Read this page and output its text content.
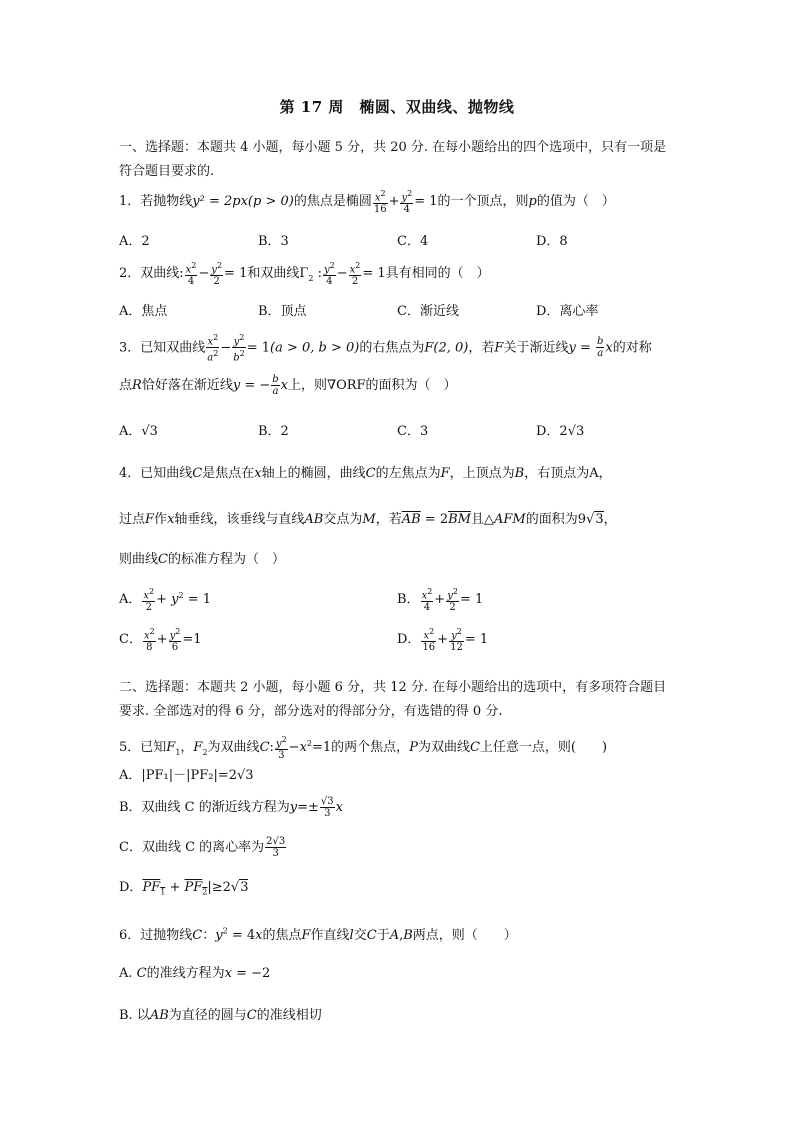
第 17 周　椭圆、双曲线、抛物线
一、选择题：本题共 4 小题，每小题 5 分，共 20 分. 在每小题给出的四个选项中，只有一项是符合题目要求的.
1．若抛物线y² = 2px(p > 0)的焦点是椭圆 $\frac{x^2}{16} + \frac{y^2}{4} = 1$的一个顶点，则p的值为（　）
A．2	B．3	C．4	D．8
2．双曲线: $\frac{x^2}{4} - \frac{y^2}{2} = 1$和双曲线$\Gamma_2$ : $\frac{y^2}{4} - \frac{x^2}{2} = 1$具有相同的（　）
A．焦点	B．顶点	C．渐近线	D．离心率
3．已知双曲线 $\frac{x^2}{a^2} - \frac{y^2}{b^2} = 1(a > 0$, b > 0)的右焦点为F(2, 0)，若F关于渐近线$y = \frac{b}{a}$ x的对称
点R恰好落在渐近线y = − $\frac{b}{a}$ x上，则∇ORF的面积为（　）
A．√3	B．2	C．3	D．2√3
4．已知曲线C是焦点在x轴上的椭圆，曲线C的左焦点为F，上顶点为B，右顶点为A，
过点F作x轴垂线，该垂线与直线AB交点为M，若$\overline{AB} = 2\overline{BM}$且△AFM的面积为9√3，
则曲线C的标准方程为（　）
A． $\frac{x^2}{2} + y^2 = 1$	B． $\frac{x^2}{4} + \frac{y^2}{2} = 1$
C． $\frac{x^2}{8} + \frac{y^2}{6} =1$	D． $\frac{x^2}{16} + \frac{y^2}{12} = 1$
二、选择题：本题共 2 小题，每小题 6 分，共 12 分. 在每小题给出的选项中，有多项符合题目要求. 全部选对的得 6 分，部分选对的得部分分，有选错的得 0 分.
5．已知$F_1$，$F_2$为双曲线C: $\frac{y^2}{3} -x^2=1$的两个焦点，P为双曲线C上任意一点，则(　　)
A．|PF₁|－|PF₂|=2√3
B．双曲线 C 的渐近线方程为$y=\pm \frac{√3}{3}$ x
C．双曲线 C 的离心率为 $\frac{2√3}{3}$
D．$PF_1 + PF_2|\ge 2√3$
6．过抛物线C：$y^2 = 4x$的焦点F作直线l交C于A,B两点，则（　　）
A. C的准线方程为x = −2
B. 以AB为直径的圆与C的准线相切
